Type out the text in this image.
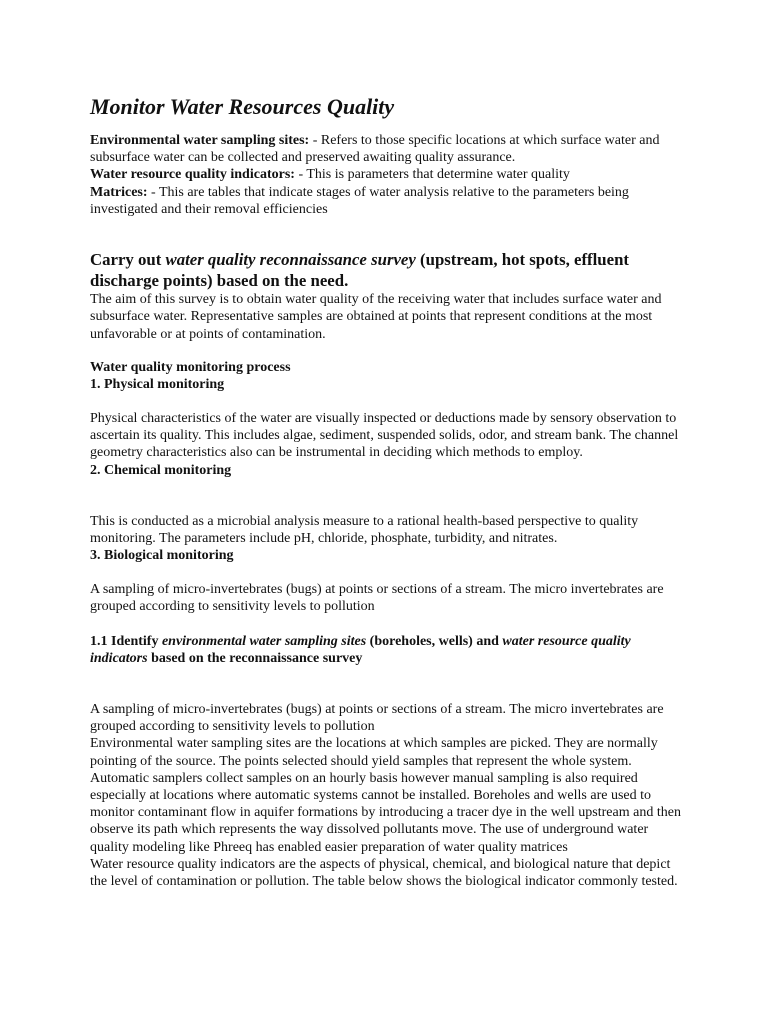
Monitor Water Resources Quality

Environmental water sampling sites: - Refers to those specific locations at which surface water and subsurface water can be collected and preserved awaiting quality assurance.

Water resource quality indicators: - This is parameters that determine water quality

Matrices: - This are tables that indicate stages of water analysis relative to the parameters being investigated and their removal efficiencies

Carry out water quality reconnaissance survey (upstream, hot spots, effluent discharge points) based on the need.

The aim of this survey is to obtain water quality of the receiving water that includes surface water and subsurface water. Representative samples are obtained at points that represent conditions at the most unfavorable or at points of contamination.

Water quality monitoring process

1. Physical monitoring

Physical characteristics of the water are visually inspected or deductions made by sensory observation to ascertain its quality. This includes algae, sediment, suspended solids, odor, and stream bank. The channel geometry characteristics also can be instrumental in deciding which methods to employ.

2. Chemical monitoring

This is conducted as a microbial analysis measure to a rational health-based perspective to quality monitoring. The parameters include pH, chloride, phosphate, turbidity, and nitrates.

3. Biological monitoring

A sampling of micro-invertebrates (bugs) at points or sections of a stream. The micro invertebrates are grouped according to sensitivity levels to pollution

1.1 Identify environmental water sampling sites (boreholes, wells) and water resource quality indicators based on the reconnaissance survey

A sampling of micro-invertebrates (bugs) at points or sections of a stream. The micro invertebrates are grouped according to sensitivity levels to pollution

Environmental water sampling sites are the locations at which samples are picked. They are normally pointing of the source. The points selected should yield samples that represent the whole system. Automatic samplers collect samples on an hourly basis however manual sampling is also required especially at locations where automatic systems cannot be installed. Boreholes and wells are used to monitor contaminant flow in aquifer formations by introducing a tracer dye in the well upstream and then observe its path which represents the way dissolved pollutants move. The use of underground water quality modeling like Phreeq has enabled easier preparation of water quality matrices

Water resource quality indicators are the aspects of physical, chemical, and biological nature that depict the level of contamination or pollution. The table below shows the biological indicator commonly tested.
